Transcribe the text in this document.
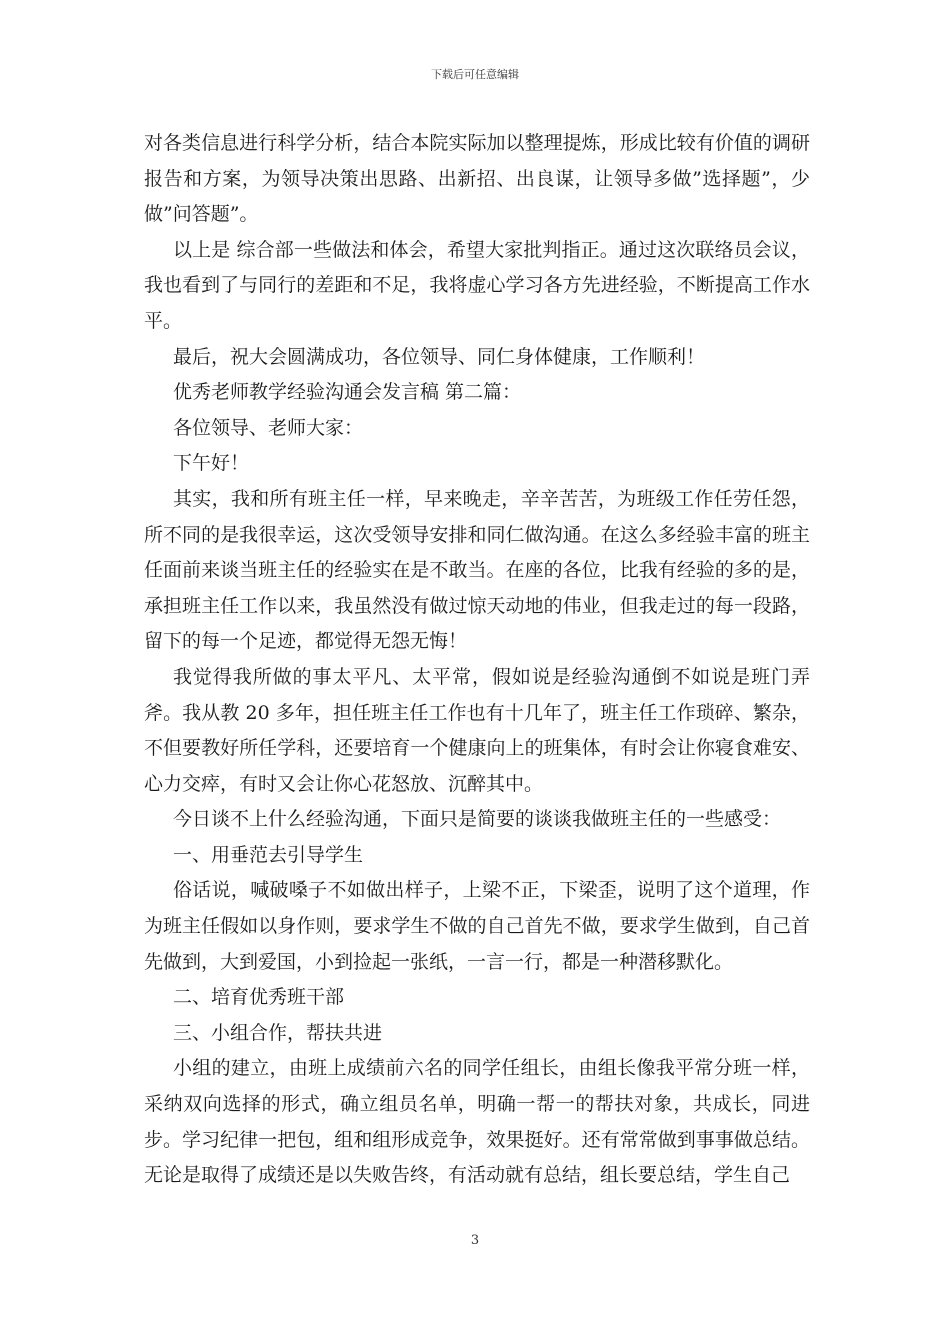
下载后可任意编辑

对各类信息进行科学分析，结合本院实际加以整理提炼，形成比较有价值的调研报告和方案，为领导决策出思路、出新招、出良谋，让领导多做”选择题”，少做”问答题”。

以上是 综合部一些做法和体会，希望大家批判指正。通过这次联络员会议，我也看到了与同行的差距和不足，我将虚心学习各方先进经验，不断提高工作水平。

最后，祝大会圆满成功，各位领导、同仁身体健康，工作顺利！

优秀老师教学经验沟通会发言稿 第二篇：

各位领导、老师大家：

下午好！

其实，我和所有班主任一样，早来晚走，辛辛苦苦，为班级工作任劳任怨，所不同的是我很幸运，这次受领导安排和同仁做沟通。在这么多经验丰富的班主任面前来谈当班主任的经验实在是不敢当。在座的各位，比我有经验的多的是，承担班主任工作以来，我虽然没有做过惊天动地的伟业，但我走过的每一段路，留下的每一个足迹，都觉得无怨无悔！

我觉得我所做的事太平凡、太平常，假如说是经验沟通倒不如说是班门弄斧。我从教 20 多年，担任班主任工作也有十几年了，班主任工作琐碎、繁杂，不但要教好所任学科，还要培育一个健康向上的班集体，有时会让你寝食难安、心力交瘁，有时又会让你心花怒放、沉醉其中。

今日谈不上什么经验沟通，下面只是简要的谈谈我做班主任的一些感受：

一、用垂范去引导学生

俗话说，喊破嗓子不如做出样子，上梁不正，下梁歪，说明了这个道理，作为班主任假如以身作则，要求学生不做的自己首先不做，要求学生做到，自己首先做到，大到爱国，小到捡起一张纸，一言一行，都是一种潜移默化。

二、培育优秀班干部

三、小组合作，帮扶共进

小组的建立，由班上成绩前六名的同学任组长，由组长像我平常分班一样，采纳双向选择的形式，确立组员名单，明确一帮一的帮扶对象，共成长，同进步。学习纪律一把包，组和组形成竞争，效果挺好。还有常常做到事事做总结。无论是取得了成绩还是以失败告终，有活动就有总结，组长要总结，学生自己

3
